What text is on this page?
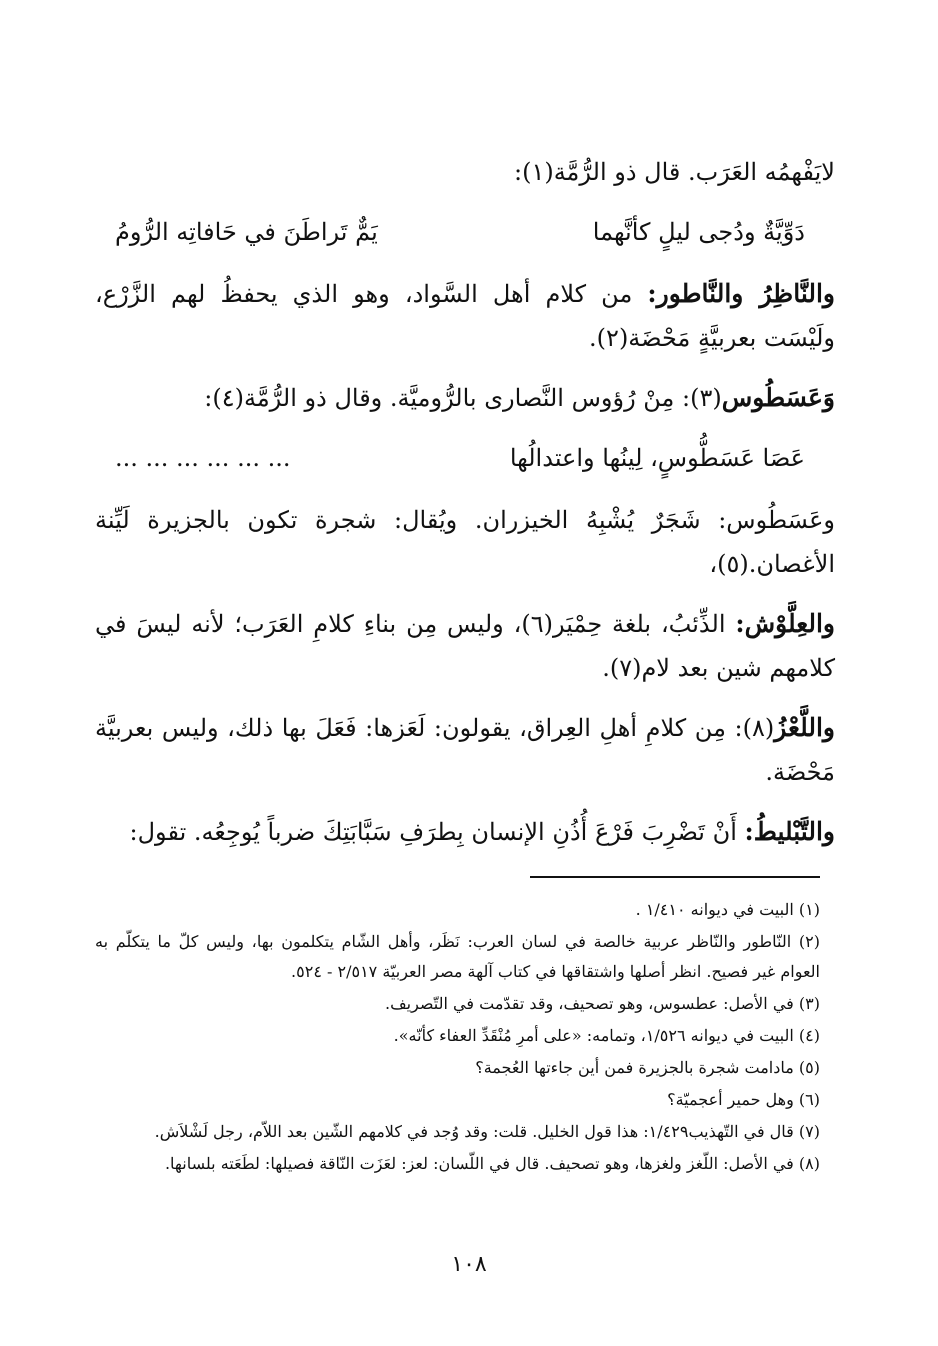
لايَفْهمُه العَرَب. قال ذو الرُّمَّة(١):

دَوِّيَّةٌ ودُجى ليلٍ كأنَّهما
يَمٌّ تَراطَنَ في حَافاتِه الرُّومُ

والنَّاظِرُ والنَّاطور: من كلام أهل السَّواد، وهو الذي يحفظُ لهم الزَّرْع، ولَيْسَت بعربيَّةٍ مَحْضَة(٢).

وَعَسَطُوس(٣): مِنْ رُؤوس النَّصارى بالرُّوميَّة. وقال ذو الرُّمَّة(٤):

عَصَا عَسَطُّوسٍ، لِينُها واعتدالُها
... ... ... ... ... ...

وعَسَطُوس: شَجَرٌ يُشْبِهُ الخيزران. ويُقال: شجرة تكون بالجزيرة لَيِّنة الأغصان.(٥)،

والعِلَّوْش: الذِّئبُ، بلغة حِمْيَر(٦)، وليس مِن بناءِ كلامِ العَرَب؛ لأنه ليسَ في كلامهم شين بعد لام(٧).

واللَّعْزُ(٨): مِن كلامِ أهلِ العِراق، يقولون: لَعَزها: فَعَلَ بها ذلك، وليس بعربيَّة مَحْضَة.

والتَّبْليطُ: أَنْ تَضْرِبَ فَرْعَ أُذُنِ الإنسان بِطرَفِ سَبَّابَتِكَ ضرباً يُوجِعُه. تقول:

(١) البيت في ديوانه ١/٤١٠ .

(٢) النّاطور والنّاظر عربية خالصة في لسان العرب: نَظَر، وأهل الشّام يتكلمون بها، وليس كلّ ما يتكلّم به العوام غير فصيح. انظر أصلها واشتقاقها في كتاب آلهة مصر العربيّة ٢/٥١٧ - ٥٢٤.

(٣) في الأصل: عطسوس، وهو تصحيف، وقد تقدّمت في التّصريف.

(٤) البيت في ديوانه ١/٥٢٦، وتمامه: «على أمرِ مُنْقَدِّ العفاء كأنّه».

(٥) مادامت شجرة بالجزيرة فمن أين جاءتها العُجمة؟

(٦) وهل حمير أعجميّة؟

(٧) قال في التّهذيب١/٤٢٩: هذا قول الخليل. قلت: وقد وُجد في كلامهم الشّين بعد اللاّم، رجل لَشْلاَش.

(٨) في الأصل: اللّغز ولغزها، وهو تصحيف. قال في اللّسان: لعز: لعَزَت النّاقة فصيلها: لطَعَته بلسانها.

١٠٨
